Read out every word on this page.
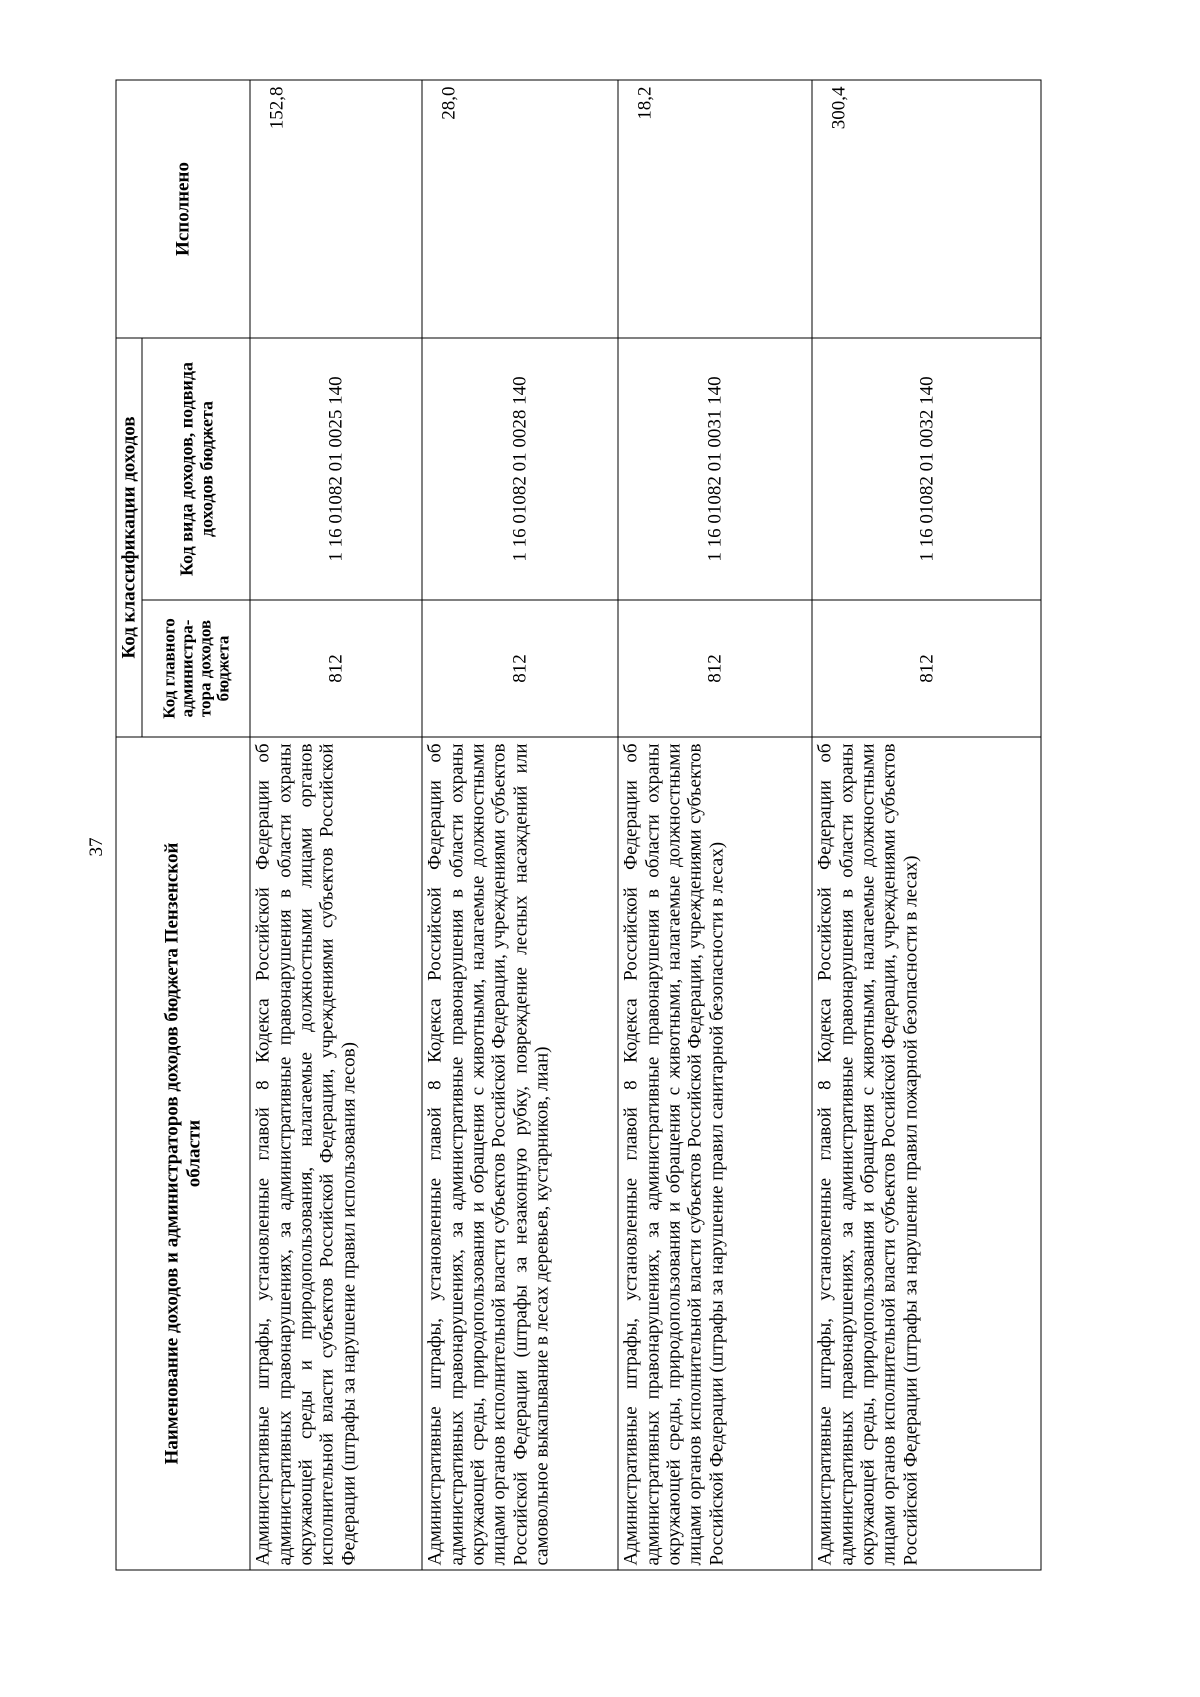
37	Наименование доходов и администраторов доходов бюджета Пензенской области	Код классификации доходов		Исполнено
	Код главного администра-тора доходов бюджета	Код вида доходов, подвида доходов бюджета	
Административные штрафы, установленные главой 8 Кодекса Российской Федерации об административных правонарушениях, за административные правонарушения в области охраны окружающей среды и природопользования, налагаемые должностными лицами органов исполнительной власти субъектов Российской Федерации, учреждениями субъектов Российской Федерации (штрафы за нарушение правил использования лесов)	812	1 16 01082 01 0025 140	152,8
Административные штрафы, установленные главой 8 Кодекса Российской Федерации об административных правонарушениях, за административные правонарушения в области охраны окружающей среды, природопользования и обращения с животными, налагаемые должностными лицами органов исполнительной власти субъектов Российской Федерации, учреждениями субъектов Российской Федерации (штрафы за незаконную рубку, повреждение лесных насаждений или самовольное выкапывание в лесах деревьев, кустарников, лиан)	812	1 16 01082 01 0028 140	28,0
Административные штрафы, установленные главой 8 Кодекса Российской Федерации об административных правонарушениях, за административные правонарушения в области охраны окружающей среды, природопользования и обращения с животными, налагаемые должностными лицами органов исполнительной власти субъектов Российской Федерации, учреждениями субъектов Российской Федерации (штрафы за нарушение правил санитарной безопасности в лесах)	812	1 16 01082 01 0031 140	18,2
Административные штрафы, установленные главой 8 Кодекса Российской Федерации об административных правонарушениях, за административные правонарушения в области охраны окружающей среды, природопользования и обращения с животными, налагаемые должностными лицами органов исполнительной власти субъектов Российской Федерации, учреждениями субъектов Российской Федерации (штрафы за нарушение правил пожарной безопасности в лесах)	812	1 16 01082 01 0032 140	300,4
